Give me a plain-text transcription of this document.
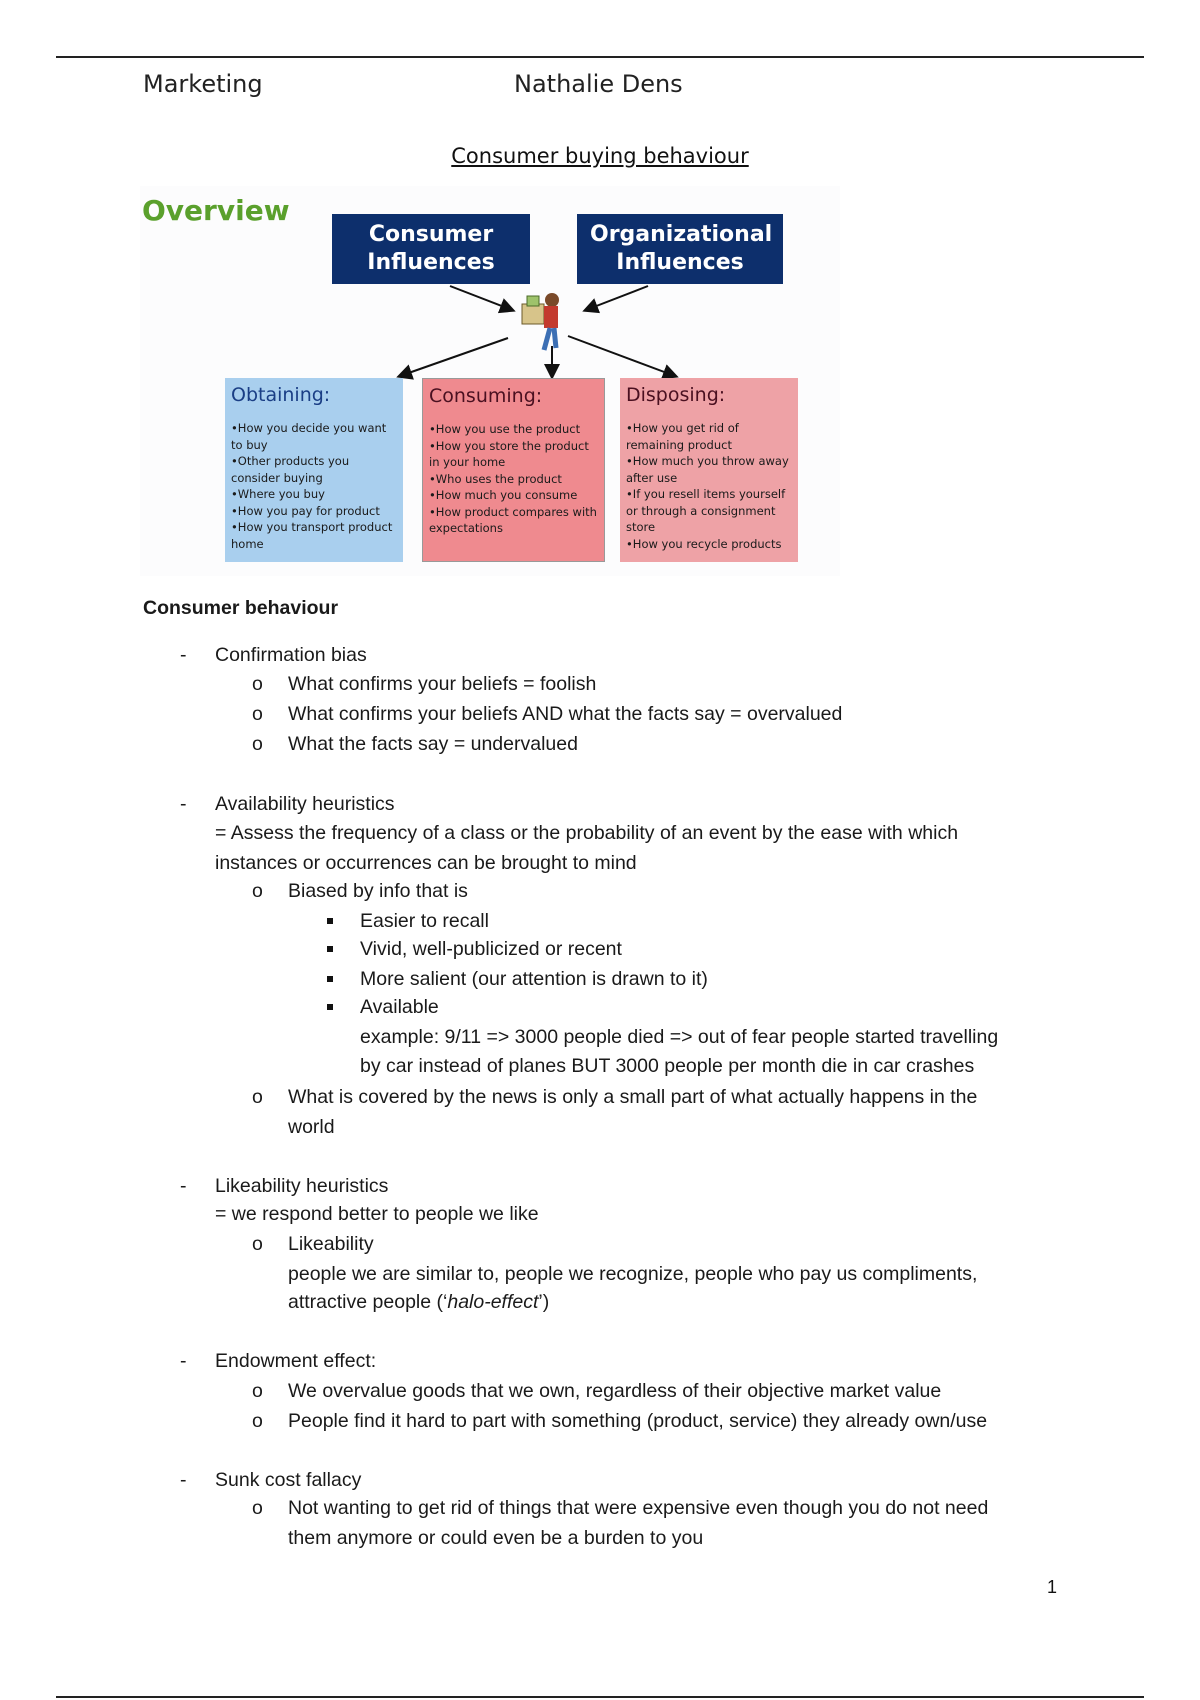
Marketing	Nathalie Dens
Consumer buying behaviour
Overview
Consumer Influences
Organizational Influences
Obtaining:
• How you decide you want to buy
• Other products you consider buying
• Where you buy
• How you pay for product
• How you transport product home
Consuming:
• How you use the product
• How you store the product in your home
• Who uses the product
• How much you consume
• How product compares with expectations
Disposing:
• How you get rid of remaining product
• How much you throw away after use
• If you resell items yourself or through a consignment store
• How you recycle products
Consumer behaviour
- Confirmation bias
o What confirms your beliefs = foolish
o What confirms your beliefs AND what the facts say = overvalued
o What the facts say = undervalued
- Availability heuristics
= Assess the frequency of a class or the probability of an event by the ease with which
instances or occurrences can be brought to mind
o Biased by info that is
Easier to recall
Vivid, well-publicized or recent
More salient (our attention is drawn to it)
Available
example: 9/11 => 3000 people died => out of fear people started travelling
by car instead of planes BUT 3000 people per month die in car crashes
o What is covered by the news is only a small part of what actually happens in the
world
- Likeability heuristics
= we respond better to people we like
o Likeability
people we are similar to, people we recognize, people who pay us compliments,
attractive people (‘halo-effect’)
- Endowment effect:
o We overvalue goods that we own, regardless of their objective market value
o People find it hard to part with something (product, service) they already own/use
- Sunk cost fallacy
o Not wanting to get rid of things that were expensive even though you do not need
them anymore or could even be a burden to you
1
